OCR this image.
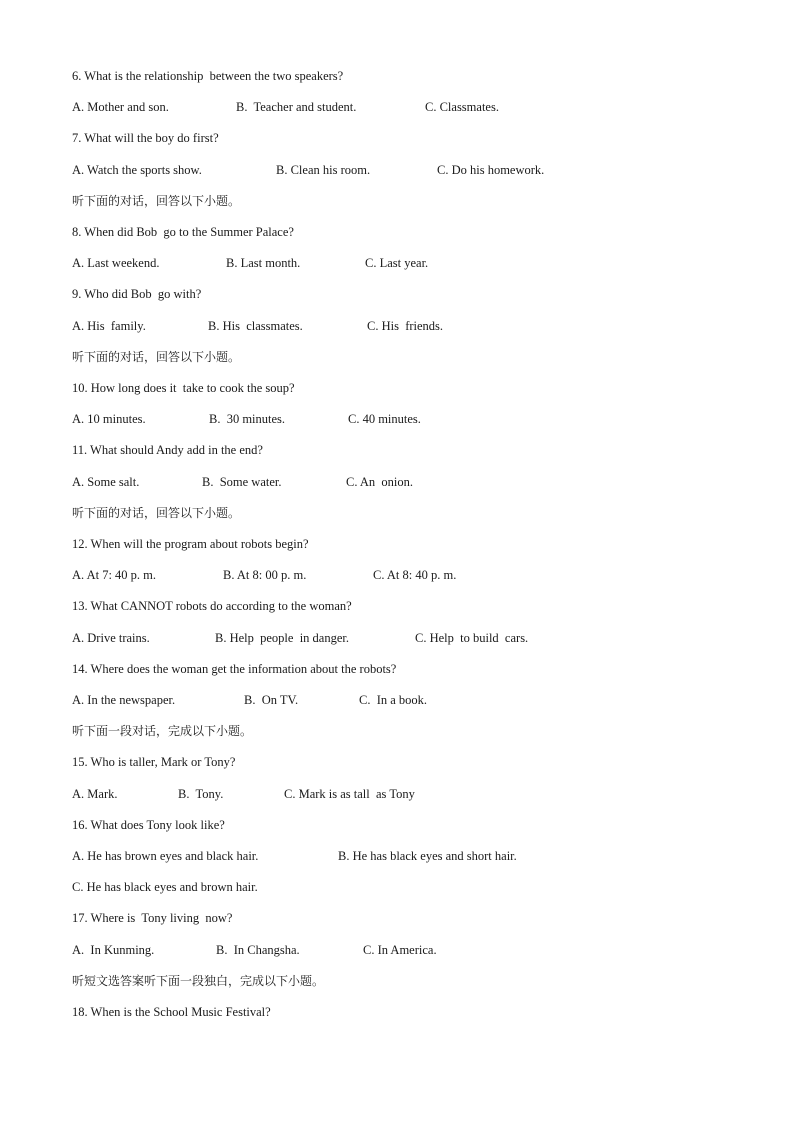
6. What is the relationship  between the two speakers?
A. Mother and son.	B.  Teacher and student.	C. Classmates.
7. What will the boy do first?
A. Watch the sports show.	B. Clean his room.	C. Do his homework.
听下面的对话，回答以下小题。
8. When did Bob  go to the Summer Palace?
A. Last weekend.	B. Last month.	C. Last year.
9. Who did Bob  go with?
A. His  family.	B. His  classmates.	C. His  friends.
听下面的对话，回答以下小题。
10. How long does it  take to cook the soup?
A. 10 minutes.	B.  30 minutes.	C. 40 minutes.
11. What should Andy add in the end?
A. Some salt.	B.  Some water.	C. An  onion.
听下面的对话，回答以下小题。
12. When will the program about robots begin?
A. At 7: 40 p. m.	B. At 8: 00 p. m.	C. At 8: 40 p. m.
13. What CANNOT robots do according to the woman?
A. Drive trains.	B. Help  people  in danger.	C. Help  to build  cars.
14. Where does the woman get the information about the robots?
A. In the newspaper.	B.  On TV.	C.  In a book.
听下面一段对话，完成以下小题。
15. Who is taller, Mark or Tony?
A. Mark.	B.  Tony.	C. Mark is as tall  as Tony
16. What does Tony look like?
A. He has brown eyes and black hair.	B. He has black eyes and short hair.
C. He has black eyes and brown hair.
17. Where is  Tony living  now?
A.  In Kunming.	B.  In Changsha.	C. In America.
听短文选答案听下面一段独白，完成以下小题。
18. When is the School Music Festival?
